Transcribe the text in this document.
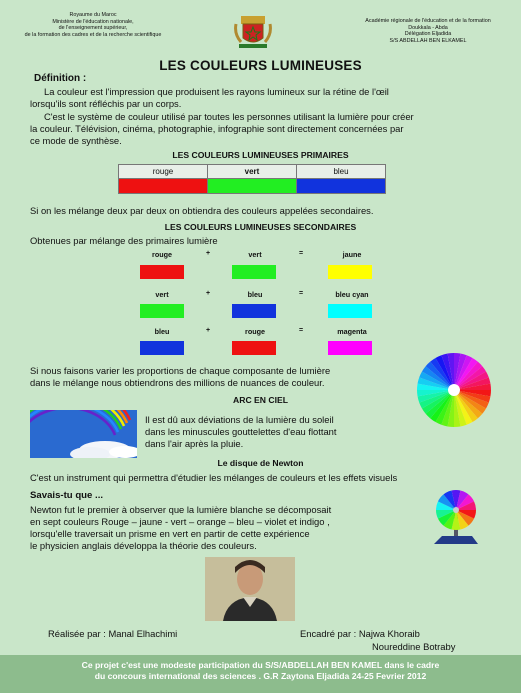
Royaume du Maroc
Ministère de l'éducation nationale,
de l'enseignement supérieur,
de la formation des cadres et de la recherche scientifique
Académie régionale de l'éducation et de la formation
Doukkala - Abda
Délégation Eljadida
S/S ABDELLAH BEN ELKAMEL
LES COULEURS LUMINEUSES
Définition :
La couleur est l'impression que produisent les rayons lumineux sur la rétine de l'œil
lorsqu'ils sont réfléchis par un corps.
C'est le système de couleur utilisé par toutes les personnes utilisant la lumière pour créer
la couleur. Télévision, cinéma, photographie, infographie sont directement concernées par
ce mode de synthèse.
LES COULEURS LUMINEUSES PRIMAIRES
rouge	vert	bleu

Si on les mélange deux par deux on obtiendra des couleurs appelées secondaires.
LES COULEURS LUMINEUSES SECONDAIRES
Obtenues par mélange des primaires lumière
rouge	+	vert	=	jaune
vert	+	bleu	=	bleu cyan
bleu	+	rouge	=	magenta
Si nous faisons varier les proportions de chaque composante de lumière
dans le mélange nous obtiendrons des millions de nuances de couleur.
ARC EN CIEL
Il est dû aux déviations de la lumière du soleil
dans les minuscules gouttelettes d'eau flottant
dans l'air après la pluie.
Le disque de Newton
C'est un instrument qui permettra d'étudier les mélanges de couleurs et les effets visuels
Savais-tu que ...
Newton fut le premier à observer que la lumière blanche se décomposait
en sept couleurs Rouge – jaune - vert – orange – bleu – violet et indigo ,
lorsqu'elle traversait un prisme en vert en partir de cette expérience
le physicien anglais développa la théorie des couleurs.
Réalisée par : Manal Elhachimi	Encadré par : Najwa Khoraib
Noureddine Botraby
Ce projet c'est une modeste participation du S/S/ABDELLAH BEN KAMEL dans le cadre
du concours international des sciences . G.R Zaytona Eljadida 24-25 Fevrier 2012
